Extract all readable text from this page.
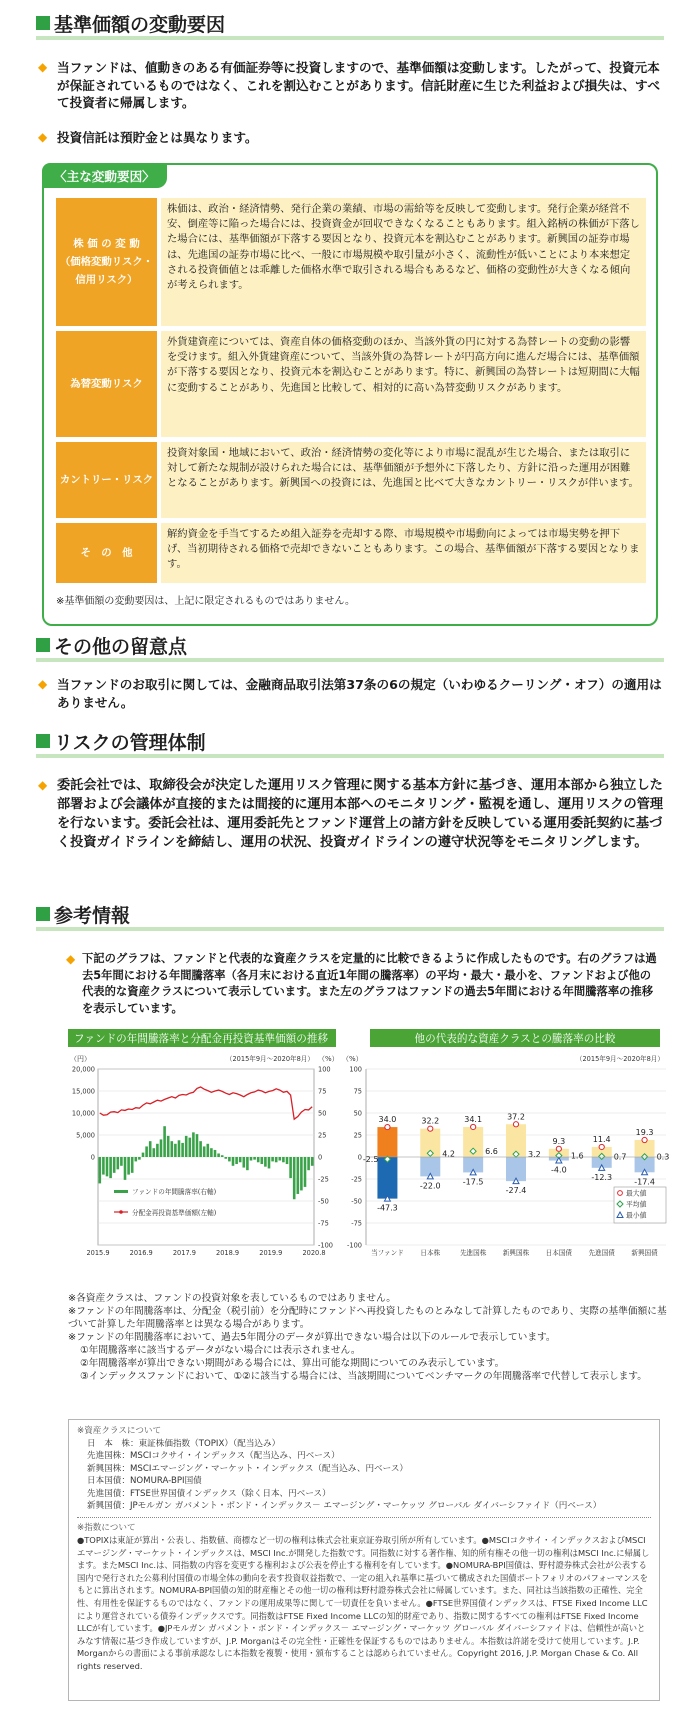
基準価額の変動要因
◆ 当ファンドは、値動きのある有価証券等に投資しますので、基準価額は変動します。したがって、投資元本が保証されているものではなく、これを割込むことがあります。信託財産に生じた利益および損失は、すべて投資者に帰属します。
◆ 投資信託は預貯金とは異なります。
〈主な変動要因〉
株 価 の 変 動
（価格変動リスク・
信用リスク）
株価は、政治・経済情勢、発行企業の業績、市場の需給等を反映して変動します。発行企業が経営不安、倒産等に陥った場合には、投資資金が回収できなくなることもあります。組入銘柄の株価が下落した場合には、基準価額が下落する要因となり、投資元本を割込むことがあります。新興国の証券市場は、先進国の証券市場に比べ、一般に市場規模や取引量が小さく、流動性が低いことにより本来想定される投資価値とは乖離した価格水準で取引される場合もあるなど、価格の変動性が大きくなる傾向が考えられます。
為替変動リスク
外貨建資産については、資産自体の価格変動のほか、当該外貨の円に対する為替レートの変動の影響を受けます。組入外貨建資産について、当該外貨の為替レートが円高方向に進んだ場合には、基準価額が下落する要因となり、投資元本を割込むことがあります。特に、新興国の為替レートは短期間に大幅に変動することがあり、先進国と比較して、相対的に高い為替変動リスクがあります。
カントリー・リスク
投資対象国・地域において、政治・経済情勢の変化等により市場に混乱が生じた場合、または取引に対して新たな規制が設けられた場合には、基準価額が予想外に下落したり、方針に沿った運用が困難となることがあります。新興国への投資には、先進国と比べて大きなカントリー・リスクが伴います。
そ　の　他
解約資金を手当てするため組入証券を売却する際、市場規模や市場動向によっては市場実勢を押下げ、当初期待される価格で売却できないこともあります。この場合、基準価額が下落する要因となります。
※基準価額の変動要因は、上記に限定されるものではありません。
その他の留意点
◆ 当ファンドのお取引に関しては、金融商品取引法第37条の6の規定（いわゆるクーリング・オフ）の適用はありません。
リスクの管理体制
◆ 委託会社では、取締役会が決定した運用リスク管理に関する基本方針に基づき、運用本部から独立した部署および会議体が直接的または間接的に運用本部へのモニタリング・監視を通し、運用リスクの管理を行ないます。委託会社は、運用委託先とファンド運営上の諸方針を反映している運用委託契約に基づく投資ガイドラインを締結し、運用の状況、投資ガイドラインの遵守状況等をモニタリングします。
参考情報
◆ 下記のグラフは、ファンドと代表的な資産クラスを定量的に比較できるように作成したものです。右のグラフは過去5年間における年間騰落率（各月末における直近1年間の騰落率）の平均・最大・最小を、ファンドおよび他の代表的な資産クラスについて表示しています。また左のグラフはファンドの過去5年間における年間騰落率の推移を表示しています。
ファンドの年間騰落率と分配金再投資基準価額の推移	他の代表的な資産クラスとの騰落率の比較
（円）	（%）
（2015年9月～2020年8月）
100
75
50
25
0
-25
-50
-75
-100
20,000
15,000
10,000
5,000
0
2015.9	2016.9	2017.9	2018.9	2019.9	2020.8
ファンドの年間騰落率(右軸)
分配金再投資基準価額(左軸)
（%）	（2015年9月～2020年8月）
100
75
50
25
0
-25
-50
-75
-100
34.0
-2.5
-47.3
当ファンド
32.2
4.2
-22.0
日本株
34.1
6.6
-17.5
先進国株
37.2
3.2
-27.4
新興国株
9.3
1.6
-4.0
日本国債
11.4
0.7
-12.3
先進国債
19.3
0.3
-17.4
新興国債
最大値
平均値
最小値
※各資産クラスは、ファンドの投資対象を表しているものではありません。
※ファンドの年間騰落率は、分配金（税引前）を分配時にファンドへ再投資したものとみなして計算したものであり、実際の基準価額に基づいて計算した年間騰落率とは異なる場合があります。
※ファンドの年間騰落率において、過去5年間分のデータが算出できない場合は以下のルールで表示しています。
①年間騰落率に該当するデータがない場合には表示されません。
②年間騰落率が算出できない期間がある場合には、算出可能な期間についてのみ表示しています。
③インデックスファンドにおいて、①②に該当する場合には、当該期間についてベンチマークの年間騰落率で代替して表示します。
※資産クラスについて
日　本　株：東証株価指数（TOPIX）（配当込み）
先進国株：MSCIコクサイ・インデックス（配当込み、円ベース）
新興国株：MSCIエマージング・マーケット・インデックス（配当込み、円ベース）
日本国債：NOMURA-BPI国債
先進国債：FTSE世界国債インデックス（除く日本、円ベース）
新興国債：JPモルガン ガバメント・ボンド・インデックス－ エマージング・マーケッツ グローバル ダイバーシファイド（円ベース）
※指数について
●TOPIXは東証が算出・公表し、指数値、商標など一切の権利は株式会社東京証券取引所が所有しています。●MSCIコクサイ・インデックスおよびMSCIエマージング・マーケット・インデックスは、MSCI Inc.が開発した指数です。同指数に対する著作権、知的所有権その他一切の権利はMSCI Inc.に帰属します。またMSCI Inc.は、同指数の内容を変更する権利および公表を停止する権利を有しています。●NOMURA-BPI国債は、野村證券株式会社が公表する国内で発行された公募利付国債の市場全体の動向を表す投資収益指数で、一定の組入れ基準に基づいて構成された国債ポートフォリオのパフォーマンスをもとに算出されます。NOMURA-BPI国債の知的財産権とその他一切の権利は野村證券株式会社に帰属しています。また、同社は当該指数の正確性、完全性、有用性を保証するものではなく、ファンドの運用成果等に関して一切責任を負いません。●FTSE世界国債インデックスは、FTSE Fixed Income LLCにより運営されている債券インデックスです。同指数はFTSE Fixed Income LLCの知的財産であり、指数に関するすべての権利はFTSE Fixed Income LLCが有しています。●JPモルガン ガバメント・ボンド・インデックス－ エマージング・マーケッツ グローバル ダイバーシファイドは、信頼性が高いとみなす情報に基づき作成していますが、J.P. Morganはその完全性・正確性を保証するものではありません。本指数は許諾を受けて使用しています。J.P. Morganからの書面による事前承認なしに本指数を複製・使用・頒布することは認められていません。Copyright 2016, J.P. Morgan Chase & Co. All rights reserved.
